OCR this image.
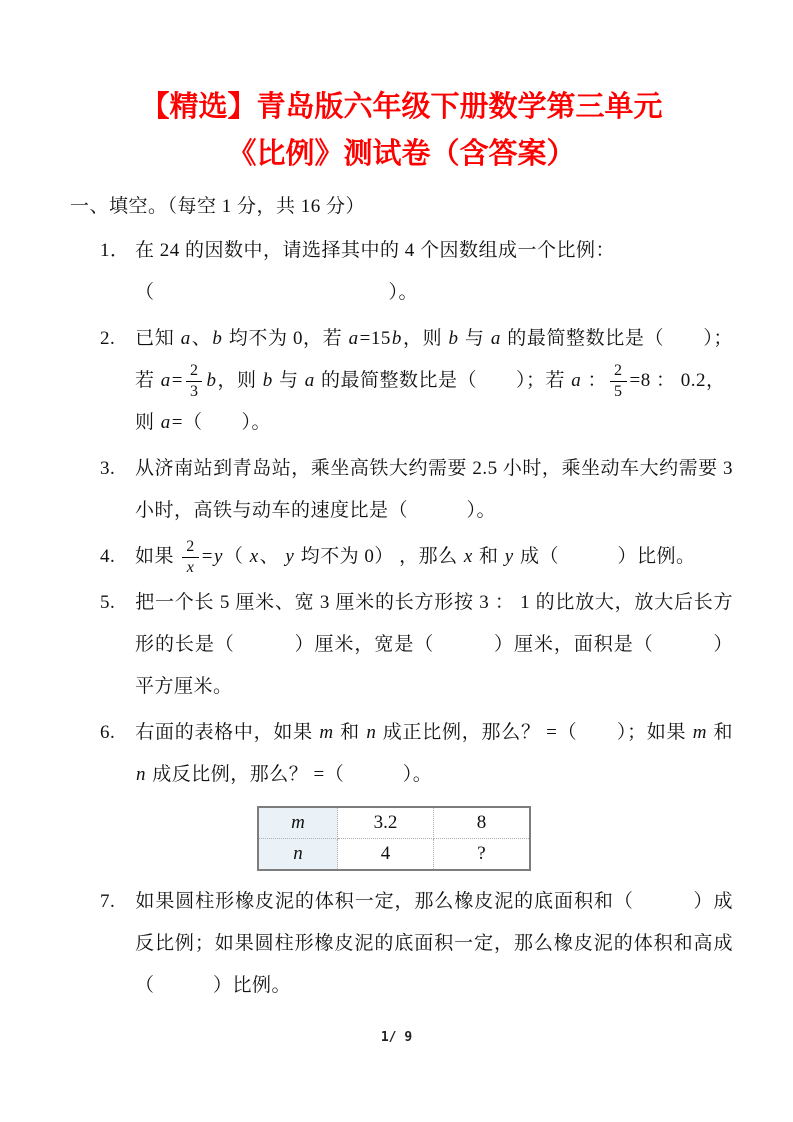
【精选】青岛版六年级下册数学第三单元
《比例》测试卷（含答案）
一、填空。（每空 1 分，共 16 分）
1． 在 24 的因数中，请选择其中的 4 个因数组成一个比例：
（　　　　　　　　　　　　）。
2. 已知 a、b 均不为 0，若 a=15b，则 b 与 a 的最简整数比是（　　）；若 $a= \frac{2}{3}$ b，则 b 与 a 的最简整数比是（　　）；若 a ： $\frac{2}{5} =8$ ： 0.2，
则 a=（　　）。
3. 从济南站到青岛站，乘坐高铁大约需要 2.5 小时，乘坐动车大约需要 3 小时，高铁与动车的速度比是（　　　）。
4. 如果 $\frac{2}{x} =y$（ x、 y 均不为 0） ，那么 x 和 y 成（　　　）比例。
5. 把一个长 5 厘米、宽 3 厘米的长方形按 3 ： 1 的比放大，放大后长方形的长是（　　　）厘米，宽是（　　　）厘米，面积是（　　　）平方厘米。
6. 右面的表格中，如果 m 和 n 成正比例，那么？ =（　　）；如果 m 和 n 成反比例，那么？ =（　　　）。
m	3.2	8
n	4	?
7. 如果圆柱形橡皮泥的体积一定，那么橡皮泥的底面积和（　　　）成反比例；如果圆柱形橡皮泥的底面积一定，那么橡皮泥的体积和高成（　　　）比例。
1/ 9
